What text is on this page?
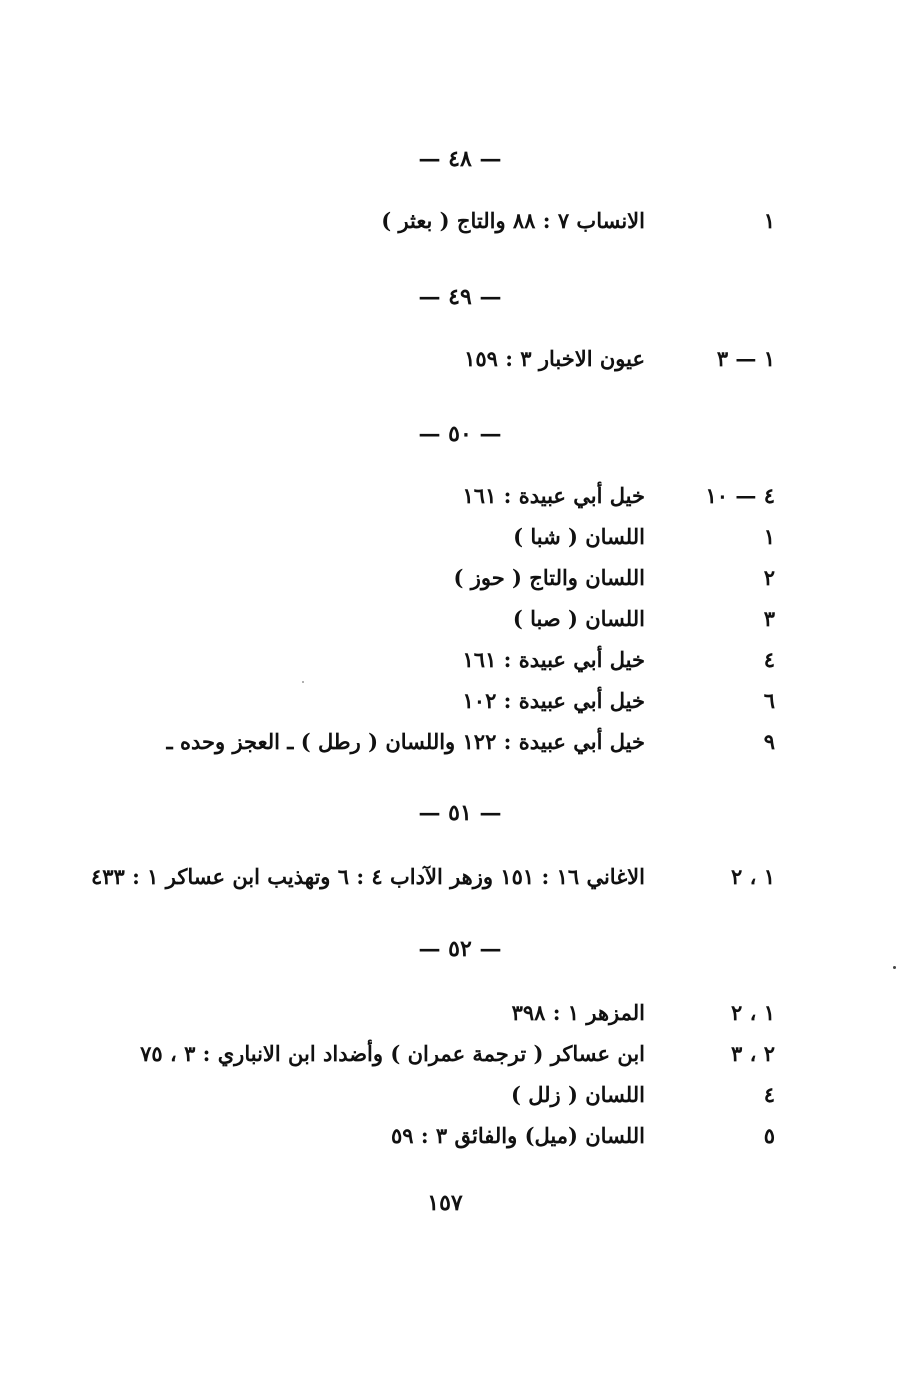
— ٤٨ —
١
الانساب ٧ : ٨٨ والتاج ( بعثر )
— ٤٩ —
١ — ٣
عيون الاخبار ٣ : ١٥٩
— ٥٠ —
٤ — ١٠
خيل أبي عبيدة : ١٦١
١
اللسان ( شبا )
٢
اللسان والتاج ( حوز )
٣
اللسان ( صبا )
٤
خيل أبي عبيدة : ١٦١
٦
خيل أبي عبيدة : ١٠٢
٩
خيل أبي عبيدة : ١٢٢ واللسان ( رطل ) ـ العجز وحده ـ
— ٥١ —
١ ، ٢
الاغاني ١٦ : ١٥١ وزهر الآداب ٤ : ٦ وتهذيب ابن عساكر ١ : ٤٣٣
— ٥٢ —
١ ، ٢
المزهر ١ : ٣٩٨
٢ ، ٣
ابن عساكر ( ترجمة عمران ) وأضداد ابن الانباري : ٣ ، ٧٥
٤
اللسان ( زلل )
٥
اللسان (ميل) والفائق ٣ : ٥٩
١٥٧
